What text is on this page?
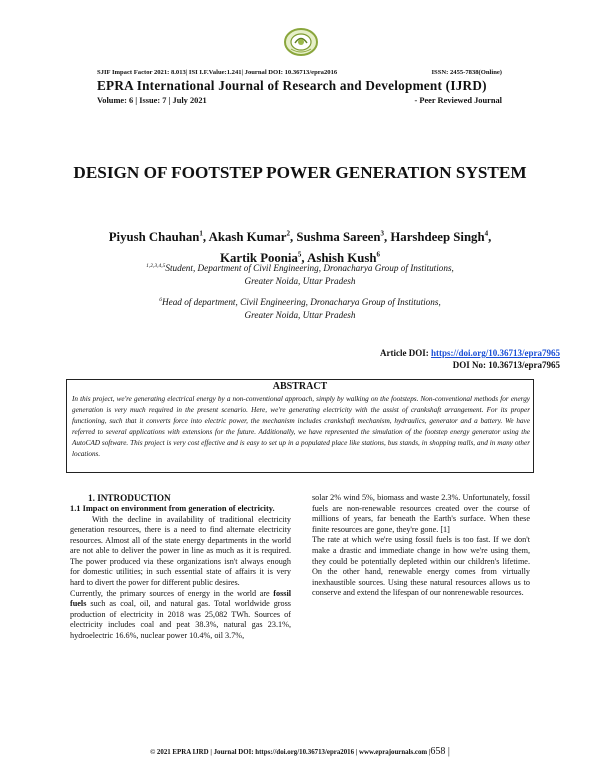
SJIF Impact Factor 2021: 8.013| ISI I.F.Value:1.241| Journal DOI: 10.36713/epra2016	ISSN: 2455-7838(Online)
EPRA International Journal of Research and Development (IJRD)
Volume: 6 | Issue: 7 | July 2021	- Peer Reviewed Journal
DESIGN OF FOOTSTEP POWER GENERATION SYSTEM
Piyush Chauhan$^1$, Akash Kumar$^2$, Sushma Sareen$^3$, Harshdeep Singh$^4$,
Kartik Poonia$^5$, Ashish Kush$^6$
$^{1,2,3,4,5}$Student, Department of Civil Engineering, Dronacharya Group of Institutions,
Greater Noida, Uttar Pradesh
$^6$Head of department, Civil Engineering, Dronacharya Group of Institutions,
Greater Noida, Uttar Pradesh
Article DOI: https://doi.org/10.36713/epra7965
DOI No: 10.36713/epra7965
ABSTRACT
In this project, we're generating electrical energy by a non-conventional approach, simply by walking on the footsteps. Non-conventional methods for energy generation is very much required in the present scenario. Here, we're generating electricity with the assist of crankshaft arrangement. For its proper functioning, such that it converts force into electric power, the mechanism includes crankshaft mechanism, hydraulics, generator and a battery. We have referred to several applications with extensions for the future. Additionally, we have represented the simulation of the footstep energy generator using the AutoCAD software. This project is very cost effective and is easy to set up in a populated place like stations, bus stands, in shopping malls, and in many other locations.
1. INTRODUCTION
1.1 Impact on environment from generation of electricity.

With the decline in availability of traditional electricity generation resources, there is a need to find alternate electricity resources. Almost all of the state energy departments in the world are not able to deliver the power in line as much as it is required. The power produced via these organizations isn't always enough for domestic utilities; in such essential state of affairs it is very hard to divert the power for different public desires.

Currently, the primary sources of energy in the world are fossil fuels such as coal, oil, and natural gas. Total worldwide gross production of electricity in 2018 was 25,082 TWh. Sources of electricity includes coal and peat 38.3%, natural gas 23.1%, hydroelectric 16.6%, nuclear power 10.4%, oil 3.7%,

solar 2% wind 5%, biomass and waste 2.3%. Unfortunately, fossil fuels are non-renewable resources created over the course of millions of years, far beneath the Earth's surface. When these finite resources are gone, they're gone. [1]

The rate at which we're using fossil fuels is too fast. If we don't make a drastic and immediate change in how we're using them, they could be potentially depleted within our children's lifetime. On the other hand, renewable energy comes from virtually inexhaustible sources. Using these natural resources allows us to conserve and extend the lifespan of our nonrenewable resources.

© 2021 EPRA IJRD | Journal DOI: https://doi.org/10.36713/epra2016 | www.eprajournals.com |658 |
